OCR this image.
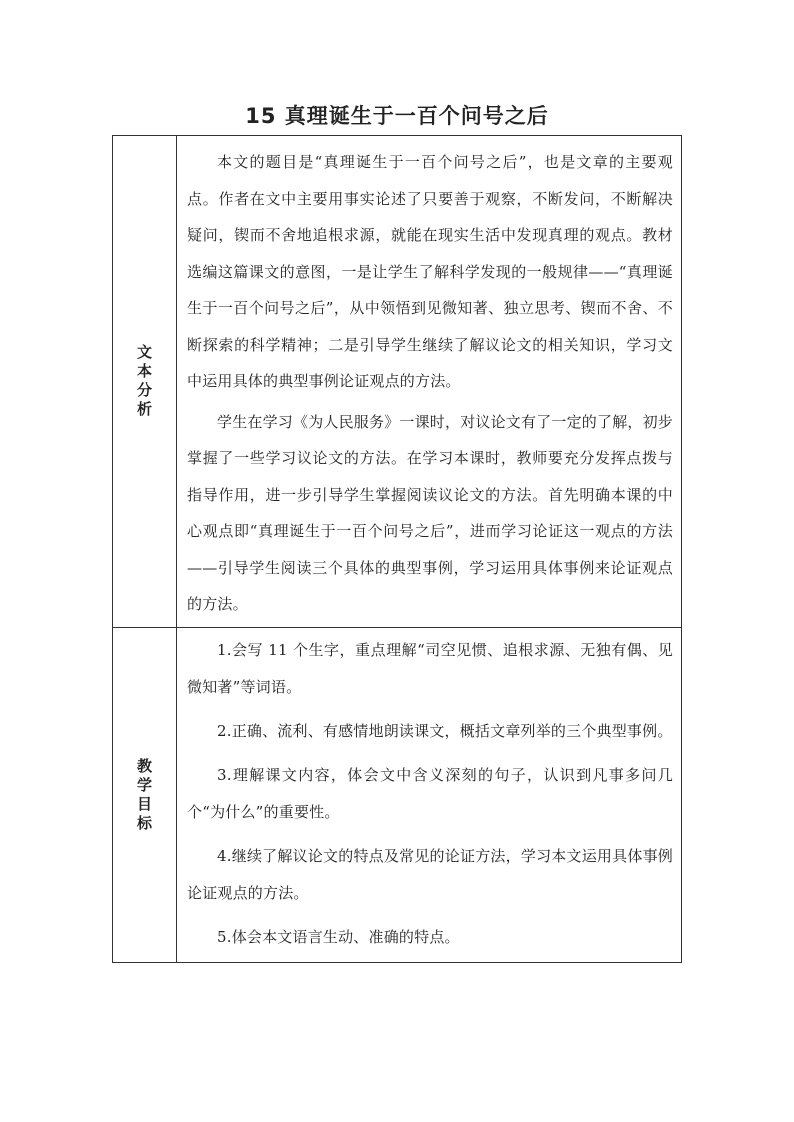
15 真理诞生于一百个问号之后
文本分析	本文的题目是“真理诞生于一百个问号之后”，也是文章的主要观点。作者在文中主要用事实论述了只要善于观察，不断发问，不断解决疑问，锲而不舍地追根求源，就能在现实生活中发现真理的观点。教材选编这篇课文的意图，一是让学生了解科学发现的一般规律——“真理诞生于一百个问号之后”，从中领悟到见微知著、独立思考、锲而不舍、不断探索的科学精神；二是引导学生继续了解议论文的相关知识，学习文中运用具体的典型事例论证观点的方法。

学生在学习《为人民服务》一课时，对议论文有了一定的了解，初步掌握了一些学习议论文的方法。在学习本课时，教师要充分发挥点拨与指导作用，进一步引导学生掌握阅读议论文的方法。首先明确本课的中心观点即“真理诞生于一百个问号之后”，进而学习论证这一观点的方法——引导学生阅读三个具体的典型事例，学习运用具体事例来论证观点的方法。

教学目标	1.会写 11 个生字，重点理解“司空见惯、追根求源、无独有偶、见微知著”等词语。

2.正确、流利、有感情地朗读课文，概括文章列举的三个典型事例。

3.理解课文内容，体会文中含义深刻的句子，认识到凡事多问几个“为什么”的重要性。

4.继续了解议论文的特点及常见的论证方法，学习本文运用具体事例论证观点的方法。

5.体会本文语言生动、准确的特点。
